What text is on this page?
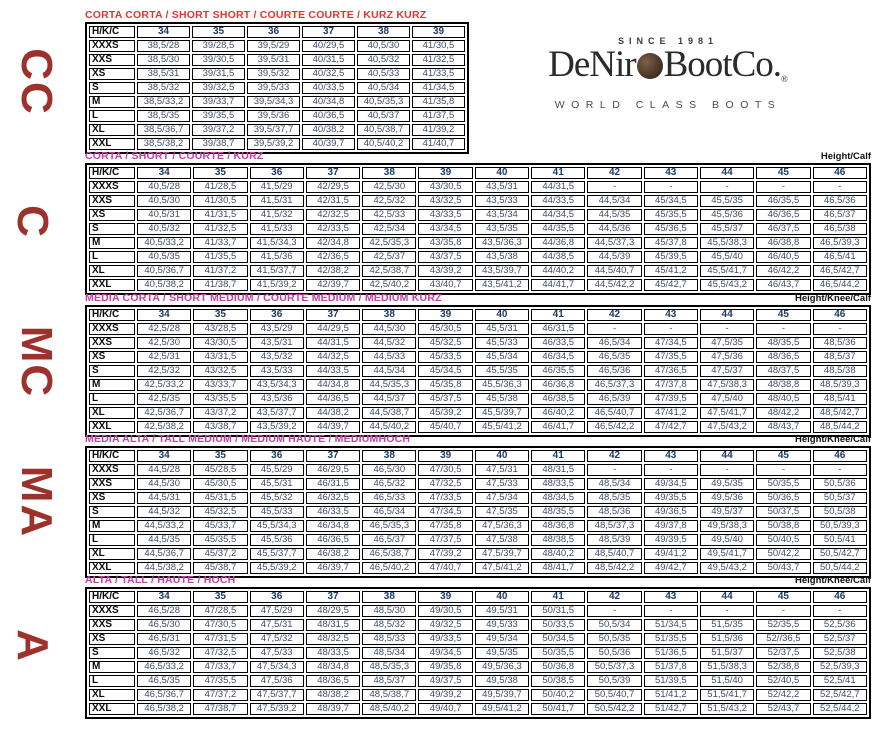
CC
C
MC
MA
A
SINCE 1981
DeNir BootCo.®
WORLD CLASS BOOTS
CORTA CORTA / SHORT SHORT / COURTE COURTE / KURZ KURZ
H/K/C	34	35	36	37	38	39
XXXS	38,5/28	39/28,5	39,5/29	40/29,5	40,5/30	41/30,5
XXS	38,5/30	39/30,5	39,5/31	40/31,5	40,5/32	41/32,5
XS	38,5/31	39/31,5	39,5/32	40/32,5	40,5/33	41/33,5
S	38,5/32	39/32,5	39,5/33	40/33,5	40,5/34	41/34,5
M	38,5/33,2	39/33,7	39,5/34,3	40/34,8	40,5/35,3	41/35,8
L	38,5/35	39/35,5	39,5/36	40/36,5	40,5/37	41/37,5
XL	38,5/36,7	39/37,2	39,5/37,7	40/38,2	40,5/38,7	41/39,2
XXL	38,5/38,2	39/38,7	39,5/39,2	40/39,7	40,5/40,2	41/40,7
CORTA / SHORT / COURTE / KURZ	Height/Calf
H/K/C	34	35	36	37	38	39	40	41	42	43	44	45	46
XXXS	40,5/28	41/28,5	41,5/29	42/29,5	42,5/30	43/30,5	43,5/31	44/31,5	-	-	-	-	-
XXS	40,5/30	41/30,5	41,5/31	42/31,5	42,5/32	43/32,5	43,5/33	44/33,5	44,5/34	45/34,5	45,5/35	46/35,5	46,5/36
XS	40,5/31	41/31,5	41,5/32	42/32,5	42,5/33	43/33,5	43,5/34	44/34,5	44,5/35	45/35,5	45,5/36	46/36,5	46,5/37
S	40,5/32	41/32,5	41,5/33	42/33,5	42,5/34	43/34,5	43,5/35	44/35,5	44,5/36	45/36,5	45,5/37	46/37,5	46,5/38
M	40,5/33,2	41/33,7	41,5/34,3	42/34,8	42,5/35,3	43/35,8	43,5/36,3	44/36,8	44,5/37,3	45/37,8	45,5/38,3	46/38,8	46,5/39,3
L	40,5/35	41/35,5	41,5/36	42/36,5	42,5/37	43/37,5	43,5/38	44/38,5	44,5/39	45/39,5	45,5/40	46/40,5	46,5/41
XL	40,5/36,7	41/37,2	41,5/37,7	42/38,2	42,5/38,7	43/39,2	43,5/39,7	44/40,2	44,5/40,7	45/41,2	45,5/41,7	46/42,2	46,5/42,7
XXL	40,5/38,2	41/38,7	41,5/39,2	42/39,7	42,5/40,2	43/40,7	43,5/41,2	44/41,7	44,5/42,2	45/42,7	45,5/43,2	46/43,7	46,5/44,2
MEDIA CORTA / SHORT MEDIUM / COURTE MEDIUM / MEDIUM KURZ	Height/Knee/Calf
H/K/C	34	35	36	37	38	39	40	41	42	43	44	45	46
XXXS	42,5/28	43/28,5	43,5/29	44/29,5	44,5/30	45/30,5	45,5/31	46/31,5	-	-	-	-	-
XXS	42,5/30	43/30,5	43,5/31	44/31,5	44,5/32	45/32,5	45,5/33	46/33,5	46,5/34	47/34,5	47,5/35	48/35,5	48,5/36
XS	42,5/31	43/31,5	43,5/32	44/32,5	44,5/33	45/33,5	45,5/34	46/34,5	46,5/35	47/35,5	47,5/36	48/36,5	48,5/37
S	42,5/32	43/32,5	43,5/33	44/33,5	44,5/34	45/34,5	45,5/35	46/35,5	46,5/36	47/36,5	47,5/37	48/37,5	48,5/38
M	42,5/33,2	43/33,7	43,5/34,3	44/34,8	44,5/35,3	45/35,8	45,5/36,3	46/36,8	46,5/37,3	47/37,8	47,5/38,3	48/38,8	48,5/39,3
L	42,5/35	43/35,5	43,5/36	44/36,5	44,5/37	45/37,5	45,5/38	46/38,5	46,5/39	47/39,5	47,5/40	48/40,5	48,5/41
XL	42,5/36,7	43/37,2	43,5/37,7	44/38,2	44,5/38,7	45/39,2	45,5/39,7	46/40,2	46,5/40,7	47/41,2	47,5/41,7	48/42,2	48,5/42,7
XXL	42,5/38,2	43/38,7	43,5/39,2	44/39,7	44,5/40,2	45/40,7	45,5/41,2	46/41,7	46,5/42,2	47/42,7	47,5/43,2	48/43,7	48,5/44,2
MEDIA ALTA / TALL MEDIUM / MEDIUM HAUTE / MEDIUMHOCH	Height/Knee/Calf
H/K/C	34	35	36	37	38	39	40	41	42	43	44	45	46
XXXS	44,5/28	45/28,5	45,5/29	46/29,5	46,5/30	47/30,5	47,5/31	48/31,5	-	-	-	-	-
XXS	44,5/30	45/30,5	45,5/31	46/31,5	46,5/32	47/32,5	47,5/33	48/33,5	48,5/34	49/34,5	49,5/35	50/35,5	50,5/36
XS	44,5/31	45/31,5	45,5/32	46/32,5	46,5/33	47/33,5	47,5/34	48/34,5	48,5/35	49/35,5	49,5/36	50/36,5	50,5/37
S	44,5/32	45/32,5	45,5/33	46/33,5	46,5/34	47/34,5	47,5/35	48/35,5	48,5/36	49/36,5	49,5/37	50/37,5	50,5/38
M	44,5/33,2	45/33,7	45,5/34,3	46/34,8	46,5/35,3	47/35,8	47,5/36,3	48/36,8	48,5/37,3	49/37,8	49,5/38,3	50/38,8	50,5/39,3
L	44,5/35	45/35,5	45,5/36	46/36,5	46,5/37	47/37,5	47,5/38	48/38,5	48,5/39	49/39,5	49,5/40	50/40,5	50,5/41
XL	44,5/36,7	45/37,2	45,5/37,7	46/38,2	46,5/38,7	47/39,2	47,5/39,7	48/40,2	48,5/40,7	49/41,2	49,5/41,7	50/42,2	50,5/42,7
XXL	44,5/38,2	45/38,7	45,5/39,2	46/39,7	46,5/40,2	47/40,7	47,5/41,2	48/41,7	48,5/42,2	49/42,7	49,5/43,2	50/43,7	50,5/44,2
ALTA / TALL / HAUTE / HOCH	Height/Knee/Calf
H/K/C	34	35	36	37	38	39	40	41	42	43	44	45	46
XXXS	46,5/28	47/28,5	47,5/29	48/29,5	48,5/30	49/30,5	49,5/31	50/31,5	-	-	-	-	-
XXS	46,5/30	47/30,5	47,5/31	48/31,5	48,5/32	49/32,5	49,5/33	50/33,5	50,5/34	51/34,5	51,5/35	52/35,5	52,5/36
XS	46,5/31	47/31,5	47,5/32	48/32,5	48,5/33	49/33,5	49,5/34	50/34,5	50,5/35	51/35,5	51,5/36	52//36,5	52,5/37
S	46,5/32	47/32,5	47,5/33	48/33,5	48,5/34	49/34,5	49,5/35	50/35,5	50,5/36	51/36,5	51,5/37	52/37,5	52,5/38
M	46,5/33,2	47/33,7	47,5/34,3	48/34,8	48,5/35,3	49/35,8	49,5/36,3	50/36,8	50,5/37,3	51/37,8	51,5/38,3	52/38,8	52,5/39,3
L	46,5/35	47/35,5	47,5/36	48/36,5	48,5/37	49/37,5	49,5/38	50/38,5	50,5/39	51/39,5	51,5/40	52/40,5	52,5/41
XL	46,5/36,7	47/37,2	47,5/37,7	48/38,2	48,5/38,7	49/39,2	49,5/39,7	50/40,2	50,5/40,7	51/41,2	51,5/41,7	52/42,2	52,5/42,7
XXL	46,5/38,2	47/38,7	47,5/39,2	48/39,7	48,5/40,2	49/40,7	49,5/41,2	50/41,7	50,5/42,2	51/42,7	51,5/43,2	52/43,7	52,5/44,2
